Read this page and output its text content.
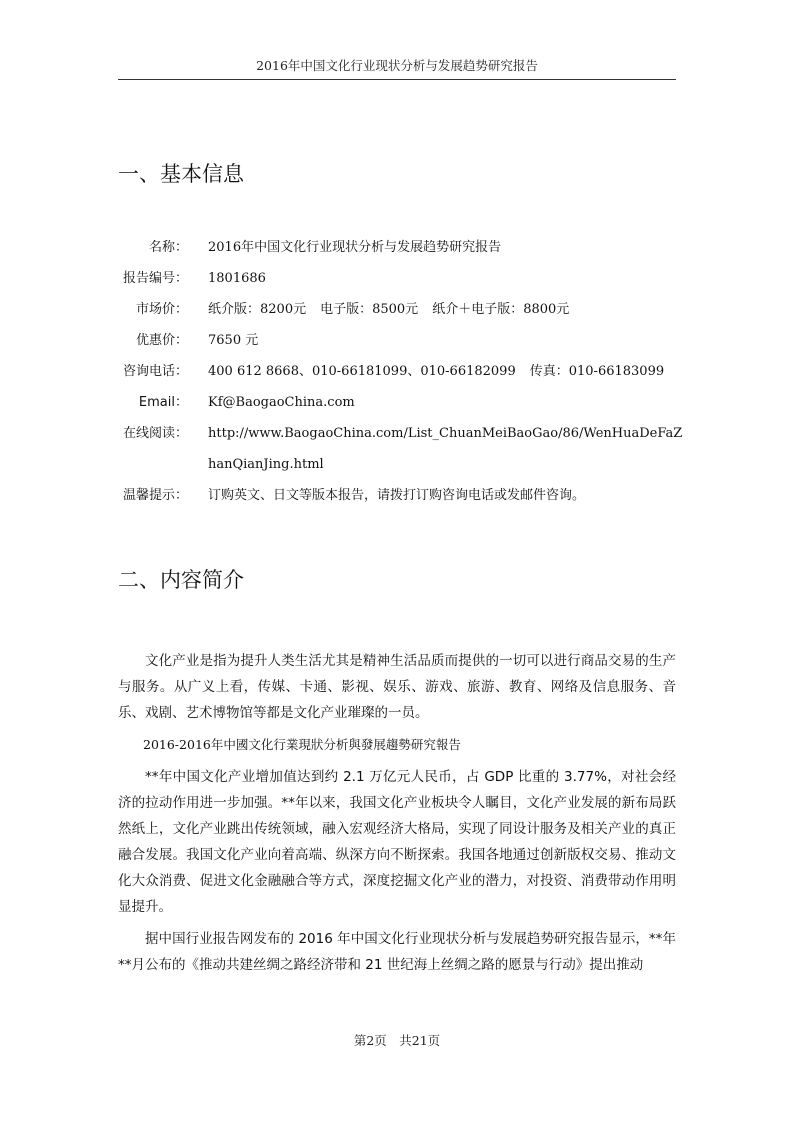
2016年中国文化行业现状分析与发展趋势研究报告
一、基本信息
名称：	2016年中国文化行业现状分析与发展趋势研究报告
报告编号：	1801686
市场价：	纸介版：8200元 电子版：8500元 纸介＋电子版：8800元
优惠价：	7650 元
咨询电话：	400 612 8668、010-66181099、010-66182099 传真：010-66183099
Email：	Kf@BaogaoChina.com
在线阅读：	http://www.BaogaoChina.com/List_ChuanMeiBaoGao/86/WenHuaDeFaZhanQianJing.html
温馨提示：	订购英文、日文等版本报告，请拨打订购咨询电话或发邮件咨询。
二、内容简介

文化产业是指为提升人类生活尤其是精神生活品质而提供的一切可以进行商品交易的生产与服务。从广义上看，传媒、卡通、影视、娱乐、游戏、旅游、教育、网络及信息服务、音乐、戏剧、艺术博物馆等都是文化产业璀璨的一员。

2016-2016年中國文化行業現狀分析與發展趨勢研究報告

**年中国文化产业增加值达到约 2.1 万亿元人民币，占 GDP 比重的 3.77%，对社会经济的拉动作用进一步加强。**年以来，我国文化产业板块令人瞩目，文化产业发展的新布局跃然纸上，文化产业跳出传统领域，融入宏观经济大格局，实现了同设计服务及相关产业的真正融合发展。我国文化产业向着高端、纵深方向不断探索。我国各地通过创新版权交易、推动文化大众消费、促进文化金融融合等方式，深度挖掘文化产业的潜力，对投资、消费带动作用明显提升。

据中国行业报告网发布的 2016 年中国文化行业现状分析与发展趋势研究报告显示，**年**月公布的《推动共建丝绸之路经济带和 21 世纪海上丝绸之路的愿景与行动》提出推动

第2页　共21页
